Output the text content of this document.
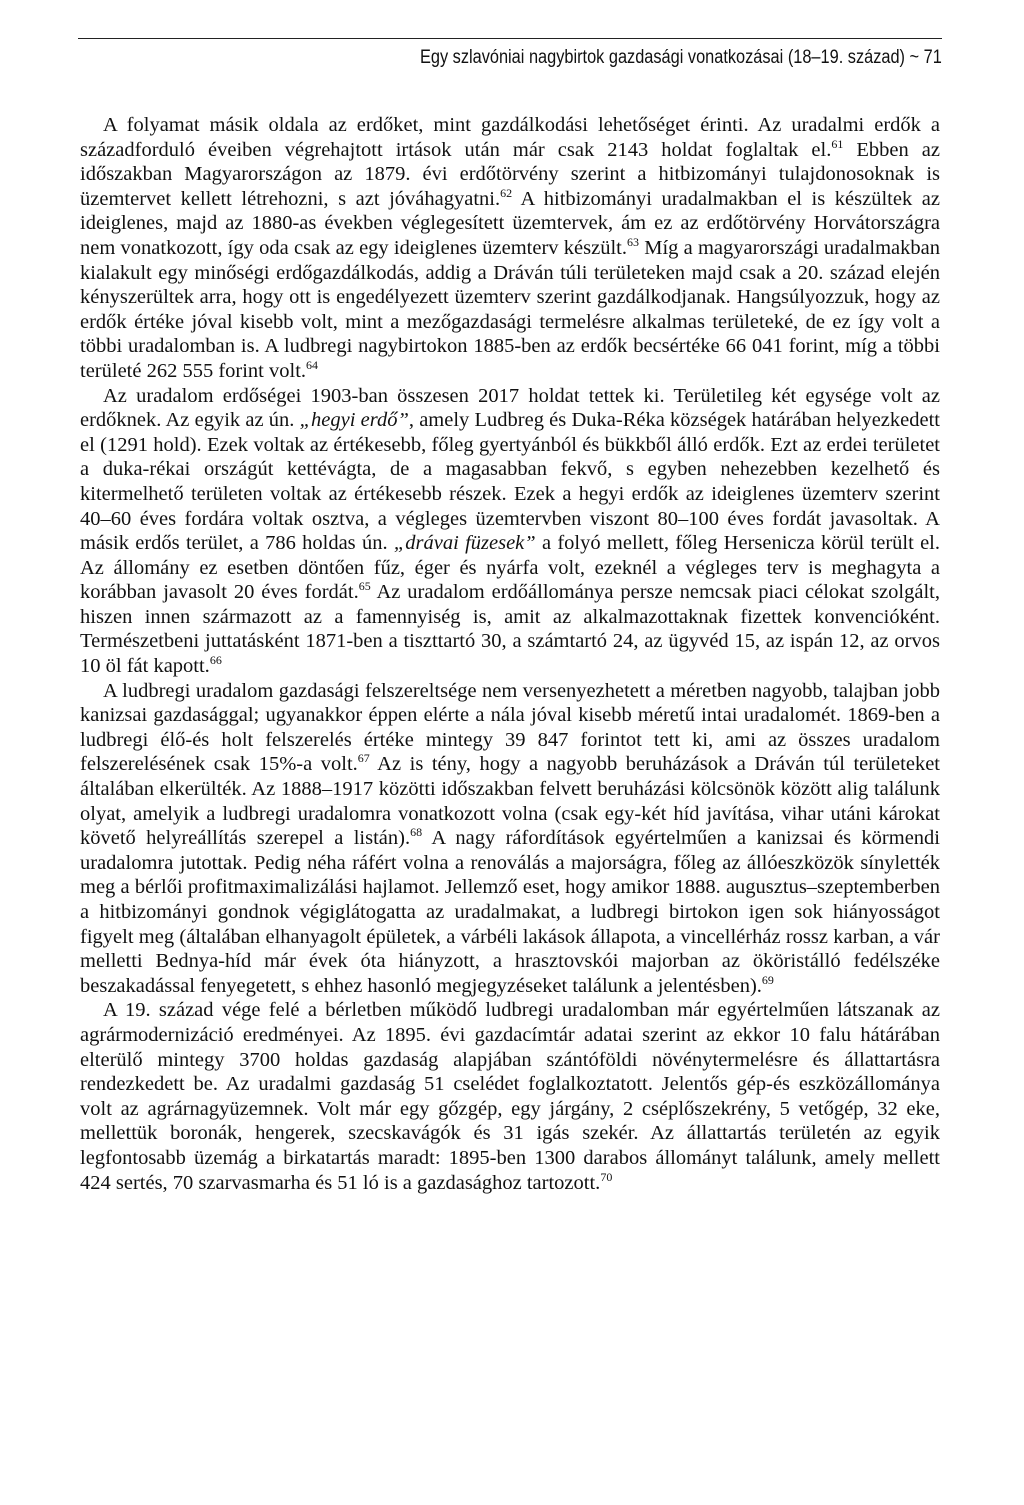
Egy szlavóniai nagybirtok gazdasági vonatkozásai (18–19. század) ~ 71

A folyamat másik oldala az erdőket, mint gazdálkodási lehetőséget érinti. Az uradalmi erdők a századforduló éveiben végrehajtott irtások után már csak 2143 holdat foglaltak el.$^{61}$ Ebben az időszakban Magyarországon az 1879. évi erdőtörvény szerint a hitbizományi tulajdonosoknak is üzemtervet kellett létrehozni, s azt jóváhagyatni.$^{62}$ A hitbizományi uradalmakban el is készültek az ideiglenes, majd az 1880-as években véglegesített üzemtervek, ám ez az erdőtörvény Horvátországra nem vonatkozott, így oda csak az egy ideiglenes üzemterv készült.$^{63}$ Míg a magyarországi uradalmakban kialakult egy minőségi erdőgazdálkodás, addig a Dráván túli területeken majd csak a 20. század elején kényszerültek arra, hogy ott is engedélyezett üzemterv szerint gazdálkodjanak. Hangsúlyozzuk, hogy az erdők értéke jóval kisebb volt, mint a mezőgazdasági termelésre alkalmas területeké, de ez így volt a többi uradalomban is. A ludbregi nagybirtokon 1885-ben az erdők becsértéke 66 041 forint, míg a többi területé 262 555 forint volt.$^{64}$

Az uradalom erdőségei 1903-ban összesen 2017 holdat tettek ki. Területileg két egysége volt az erdőknek. Az egyik az ún. „hegyi erdő”, amely Ludbreg és Duka-Réka községek határában helyezkedett el (1291 hold). Ezek voltak az értékesebb, főleg gyertyánból és bükkből álló erdők. Ezt az erdei területet a duka-rékai országút kettévágta, de a magasabban fekvő, s egyben nehezebben kezelhető és kitermelhető területen voltak az értékesebb részek. Ezek a hegyi erdők az ideiglenes üzemterv szerint 40–60 éves fordára voltak osztva, a végleges üzemtervben viszont 80–100 éves fordát javasoltak. A másik erdős terület, a 786 holdas ún. „drávai füzesek” a folyó mellett, főleg Hersenicza körül terült el. Az állomány ez esetben döntően fűz, éger és nyárfa volt, ezeknél a végleges terv is meghagyta a korábban javasolt 20 éves fordát.$^{65}$ Az uradalom erdőállománya persze nemcsak piaci célokat szolgált, hiszen innen származott az a famennyiség is, amit az alkalmazottaknak fizettek konvencióként. Természetbeni juttatásként 1871-ben a tiszttartó 30, a számtartó 24, az ügyvéd 15, az ispán 12, az orvos 10 öl fát kapott.$^{66}$

A ludbregi uradalom gazdasági felszereltsége nem versenyezhetett a méretben nagyobb, talajban jobb kanizsai gazdasággal; ugyanakkor éppen elérte a nála jóval kisebb méretű intai uradalomét. 1869-ben a ludbregi élő-és holt felszerelés értéke mintegy 39 847 forintot tett ki, ami az összes uradalom felszerelésének csak 15%-a volt.$^{67}$ Az is tény, hogy a nagyobb beruházások a Dráván túl területeket általában elkerülték. Az 1888–1917 közötti időszakban felvett beruházási kölcsönök között alig találunk olyat, amelyik a ludbregi uradalomra vonatkozott volna (csak egy-két híd javítása, vihar utáni károkat követő helyreállítás szerepel a listán).$^{68}$ A nagy ráfordítások egyértelműen a kanizsai és körmendi uradalomra jutottak. Pedig néha ráfért volna a renoválás a majorságra, főleg az állóeszközök sínylették meg a bérlői profitmaximalizálási hajlamot. Jellemző eset, hogy amikor 1888. augusztus–szeptemberben a hitbizományi gondnok végiglátogatta az uradalmakat, a ludbregi birtokon igen sok hiányosságot figyelt meg (általában elhanyagolt épületek, a várbéli lakások állapota, a vincellérház rossz karban, a vár melletti Bednya-híd már évek óta hiányzott, a hrasztovskói majorban az ököristálló fedélszéke beszakadással fenyegetett, s ehhez hasonló megjegyzéseket találunk a jelentésben).$^{69}$

A 19. század vége felé a bérletben működő ludbregi uradalomban már egyértelműen látszanak az agrármodernizáció eredményei. Az 1895. évi gazdacímtár adatai szerint az ekkor 10 falu hátárában elterülő mintegy 3700 holdas gazdaság alapjában szántóföldi növénytermelésre és állattartásra rendezkedett be. Az uradalmi gazdaság 51 cselédet foglalkoztatott. Jelentős gép-és eszközállománya volt az agrárnagyüzemnek. Volt már egy gőzgép, egy járgány, 2 cséplőszekrény, 5 vetőgép, 32 eke, mellettük boronák, hengerek, szecskavágók és 31 igás szekér. Az állattartás területén az egyik legfontosabb üzemág a birkatartás maradt: 1895-ben 1300 darabos állományt találunk, amely mellett 424 sertés, 70 szarvasmarha és 51 ló is a gazdasághoz tartozott.$^{70}$
